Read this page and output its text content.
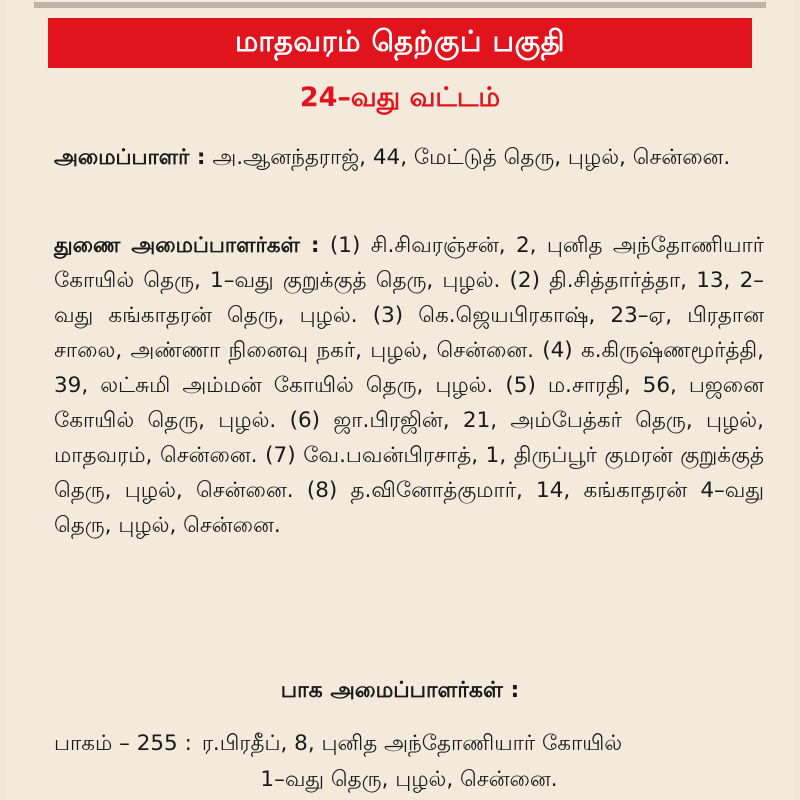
மாதவரம் தெற்குப் பகுதி
24–வது வட்டம்
அமைப்பாளர் : அ.ஆனந்தராஜ், 44, மேட்டுத் தெரு, புழல், சென்னை.
துணை அமைப்பாளர்கள் : (1) சி.சிவரஞ்சன், 2, புனித அந்தோணியார் கோயில் தெரு, 1–வது குறுக்குத் தெரு, புழல். (2) தி.சித்தார்த்தா, 13, 2–வது கங்காதரன் தெரு, புழல். (3) கெ.ஜெயபிரகாஷ், 23–ஏ, பிரதான சாலை, அண்ணா நினைவு நகர், புழல், சென்னை. (4) க.கிருஷ்ணமூர்த்தி, 39, லட்சுமி அம்மன் கோயில் தெரு, புழல். (5) ம.சாரதி, 56, பஜனை கோயில் தெரு, புழல். (6) ஜா.பிரஜின், 21, அம்பேத்கர் தெரு, புழல், மாதவரம், சென்னை. (7) வே.பவன்பிரசாத், 1, திருப்பூர் குமரன் குறுக்குத் தெரு, புழல், சென்னை. (8) த.வினோத்குமார், 14, கங்காதரன் 4–வது தெரு, புழல், சென்னை.
பாக அமைப்பாளர்கள் :
பாகம் – 255 : ர.பிரதீப், 8, புனித அந்தோணியார் கோயில்
1–வது தெரு, புழல், சென்னை.
